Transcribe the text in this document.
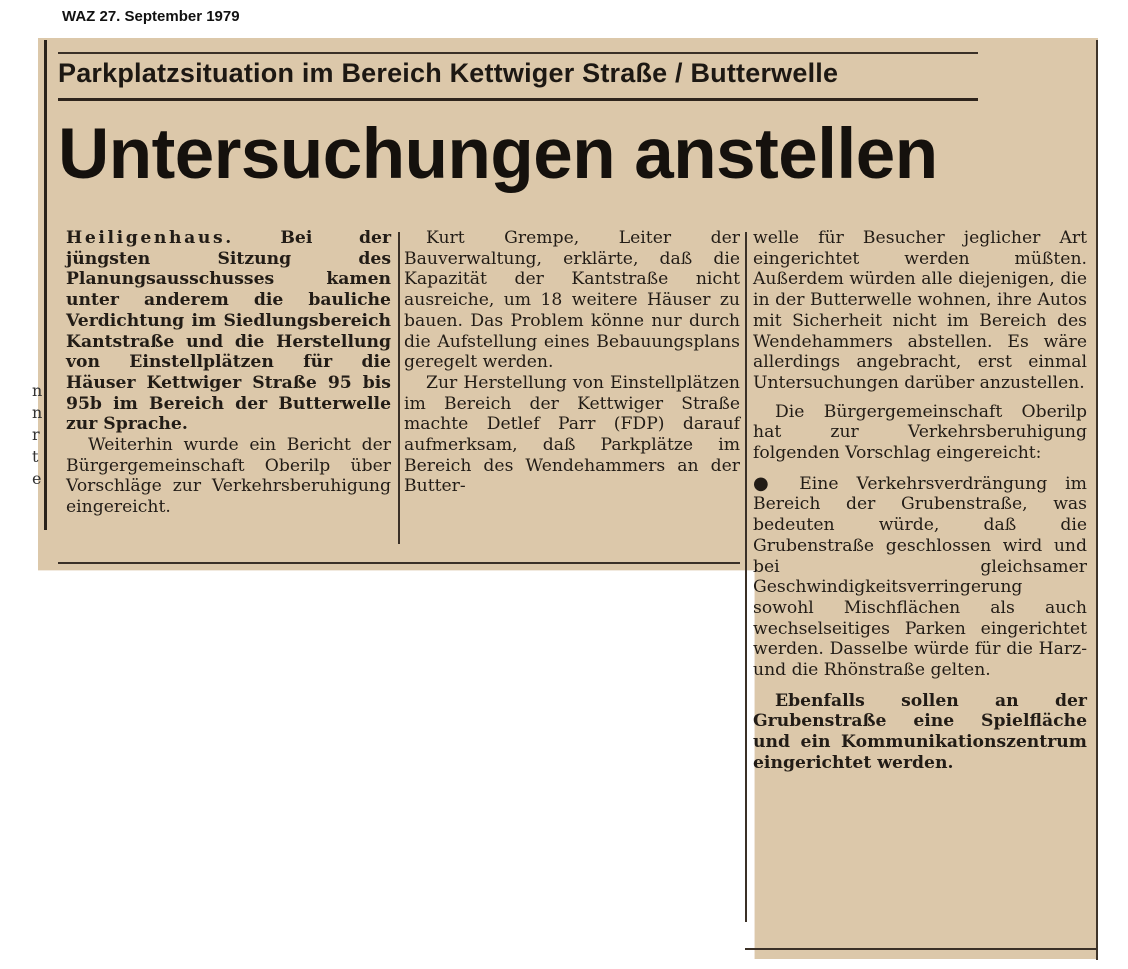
WAZ 27. September 1979
Parkplatzsituation im Bereich Kettwiger Straße / Butterwelle
Untersuchungen anstellen
n n r t e

Heiligenhaus. Bei der jüngsten Sitzung des Planungsausschusses kamen unter anderem die bauliche Verdichtung im Siedlungsbereich Kantstraße und die Herstellung von Einstellplätzen für die Häuser Kettwiger Straße 95 bis 95b im Bereich der Butterwelle zur Sprache.

Weiterhin wurde ein Bericht der Bürgergemeinschaft Oberilp über Vorschläge zur Verkehrsberuhigung eingereicht.

Kurt Grempe, Leiter der Bauverwaltung, erklärte, daß die Kapazität der Kantstraße nicht ausreiche, um 18 weitere Häuser zu bauen. Das Problem könne nur durch die Aufstellung eines Bebauungsplans geregelt werden.

Zur Herstellung von Einstellplätzen im Bereich der Kettwiger Straße machte Detlef Parr (FDP) darauf aufmerksam, daß Parkplätze im Bereich des Wendehammers an der Butter-

welle für Besucher jeglicher Art eingerichtet werden müßten. Außerdem würden alle diejenigen, die in der Butterwelle wohnen, ihre Autos mit Sicherheit nicht im Bereich des Wendehammers abstellen. Es wäre allerdings angebracht, erst einmal Untersuchungen darüber anzustellen.

Die Bürgergemeinschaft Oberilp hat zur Verkehrsberuhigung folgenden Vorschlag eingereicht:

● Eine Verkehrsverdrängung im Bereich der Grubenstraße, was bedeuten würde, daß die Grubenstraße geschlossen wird und bei gleichsamer Geschwindigkeitsverringerung sowohl Mischflächen als auch wechselseitiges Parken eingerichtet werden. Dasselbe würde für die Harz- und die Rhönstraße gelten.

Ebenfalls sollen an der Grubenstraße eine Spielfläche und ein Kommunikationszentrum eingerichtet werden.
